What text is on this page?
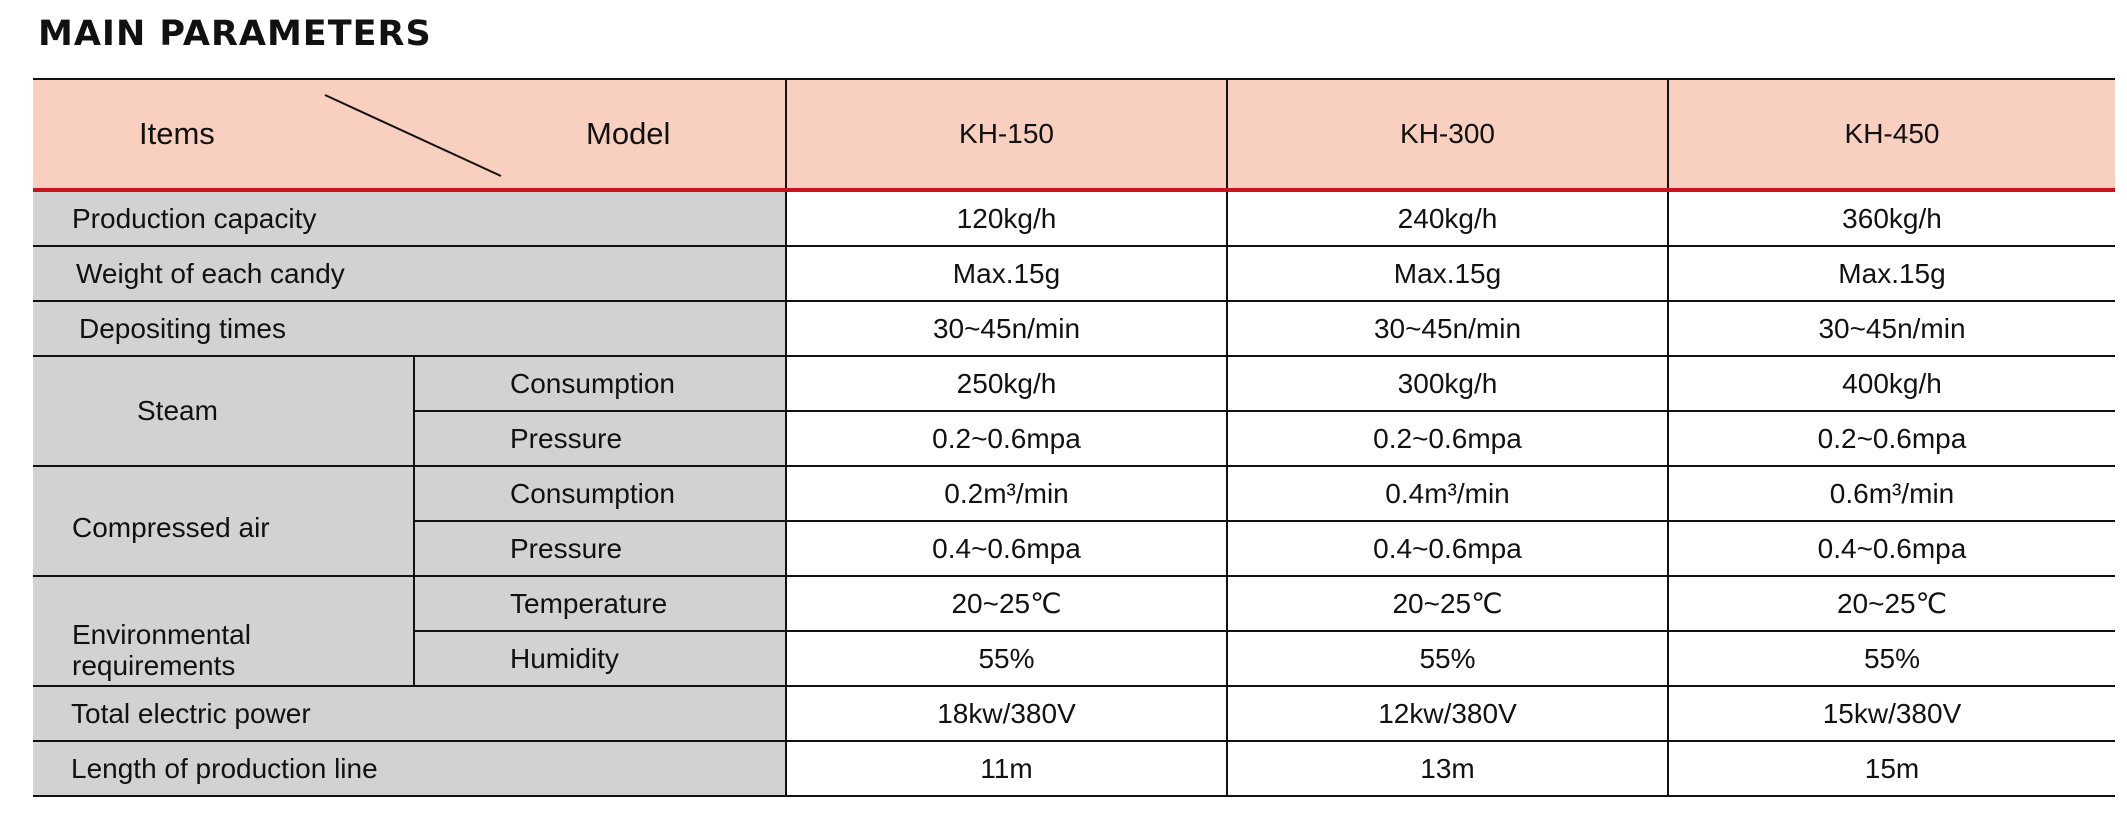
MAIN PARAMETERS
Items Model		KH-150	KH-300	KH-450
Production capacity		120kg/h	240kg/h	360kg/h
Weight of each candy		Max.15g	Max.15g	Max.15g
Depositing times		30~45n/min	30~45n/min	30~45n/min
Steam	Consumption	250kg/h	300kg/h	400kg/h
	Pressure	0.2~0.6mpa	0.2~0.6mpa	0.2~0.6mpa
Compressed air	Consumption	0.2m³/min	0.4m³/min	0.6m³/min
	Pressure	0.4~0.6mpa	0.4~0.6mpa	0.4~0.6mpa
Environmental
requirements	Temperature	20~25℃	20~25℃	20~25℃
	Humidity	55%	55%	55%
Total electric power		18kw/380V	12kw/380V	15kw/380V
Length of production line		11m	13m	15m
